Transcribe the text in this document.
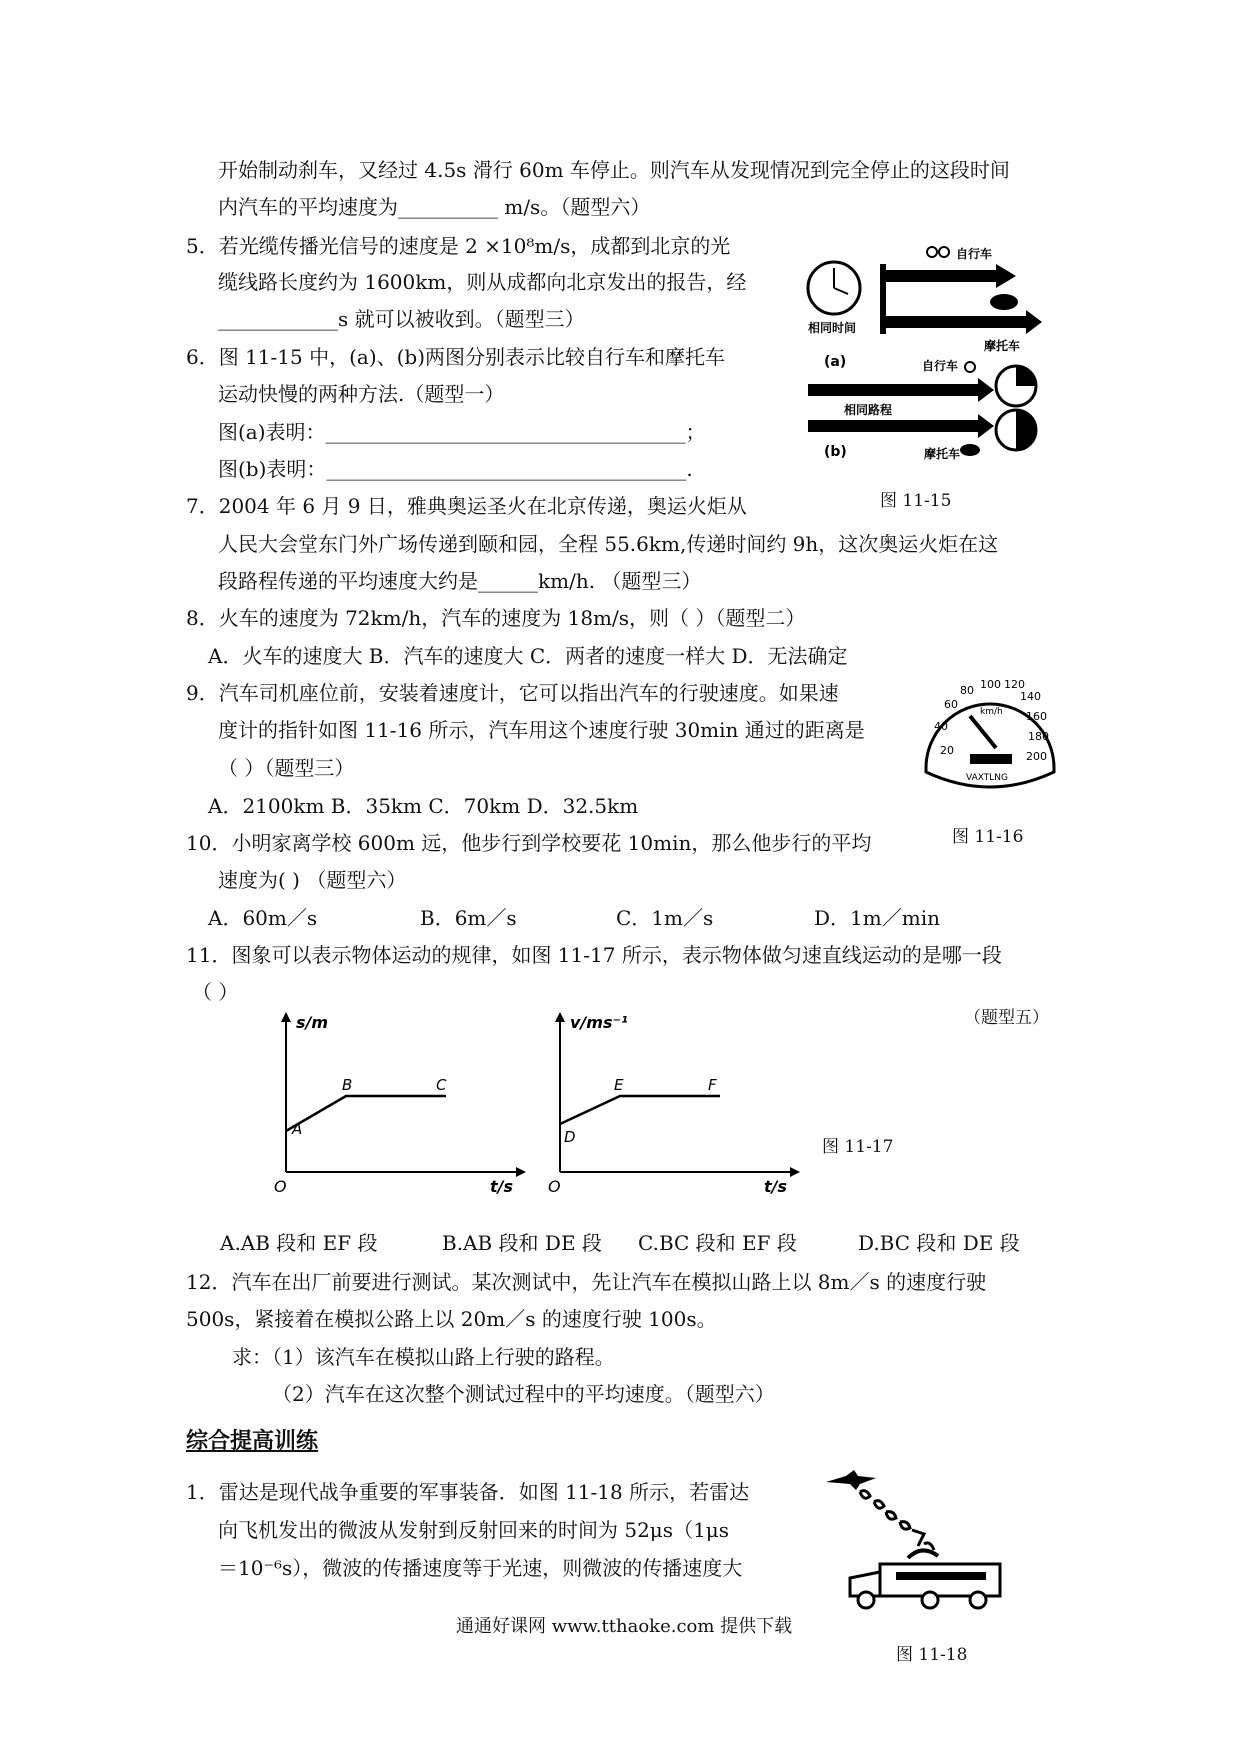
开始制动刹车，又经过 4.5s 滑行 60m 车停止。则汽车从发现情况到完全停止的这段时间
内汽车的平均速度为__________ m/s。（题型六）
5．若光缆传播光信号的速度是 2 ×10⁸m/s，成都到北京的光
缆线路长度约为 1600km，则从成都向北京发出的报告，经
____________s 就可以被收到。（题型三）
6．图 11-15 中，(a)、(b)两图分别表示比较自行车和摩托车
运动快慢的两种方法.（题型一）
图(a)表明：____________________________________；
图(b)表明：____________________________________.
7．2004 年 6 月 9 日，雅典奥运圣火在北京传递，奥运火炬从
人民大会堂东门外广场传递到颐和园，全程 55.6km,传递时间约 9h，这次奥运火炬在这
段路程传递的平均速度大约是______km/h. （题型三）
8．火车的速度为 72km/h，汽车的速度为 18m/s，则（ ）（题型二）
A．火车的速度大 B．汽车的速度大 C．两者的速度一样大 D．无法确定
9．汽车司机座位前，安装着速度计，它可以指出汽车的行驶速度。如果速
度计的指针如图 11-16 所示，汽车用这个速度行驶 30min 通过的距离是
（ ）（题型三）
A．2100km B．35km C．70km D．32.5km
10．小明家离学校 600m 远，他步行到学校要花 10min，那么他步行的平均
速度为( ) （题型六）
A．60m／s	B．6m／s	C．1m／s	D．1m／min
11．图象可以表示物体运动的规律，如图 11-17 所示，表示物体做匀速直线运动的是哪一段
（ ）
（题型五）
A.AB 段和 EF 段	B.AB 段和 DE 段 C.BC 段和 EF 段	D.BC 段和 DE 段
12．汽车在出厂前要进行测试。某次测试中，先让汽车在模拟山路上以 8m／s 的速度行驶
500s，紧接着在模拟公路上以 20m／s 的速度行驶 100s。
求：（1）该汽车在模拟山路上行驶的路程。
（2）汽车在这次整个测试过程中的平均速度。（题型六）
综合提高训练
1．雷达是现代战争重要的军事装备．如图 11-18 所示，若雷达
向飞机发出的微波从发射到反射回来的时间为 52μs（1μs
＝10⁻⁶s），微波的传播速度等于光速，则微波的传播速度大
通通好课网 www.tthaoke.com 提供下载
相同时间
自行车
摩托车
(a)	自行车
相同路程
(b)	摩托车
图 11-15
20
40
60
80 100 120
140
160
180
200
km/h
VAXTLNG
图 11-16
s/m
t/s
O
A
B	C
v/ms⁻¹
t/s
O
D
E	F
图 11-17
图 11-18
